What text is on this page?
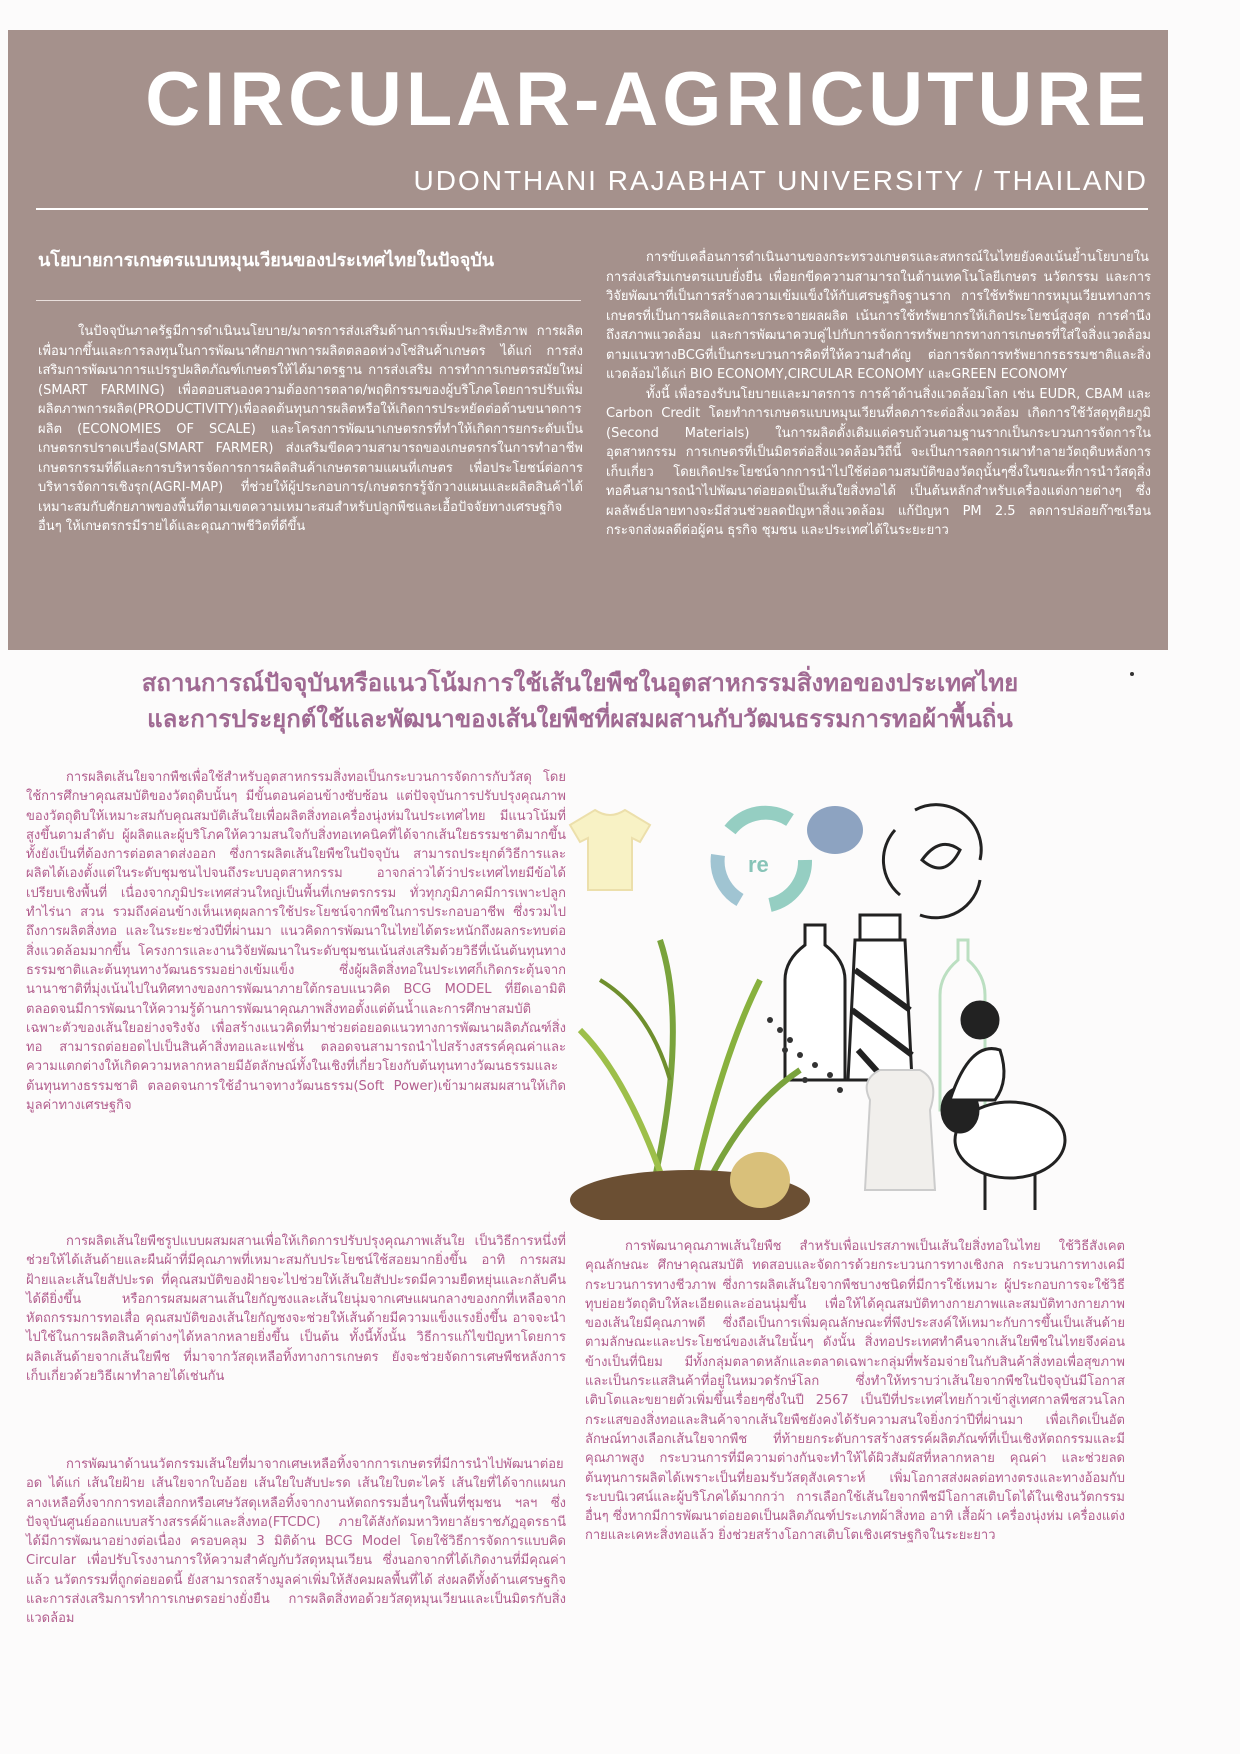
CIRCULAR-AGRICUTURE
UDONTHANI RAJABHAT UNIVERSITY / THAILAND
นโยบายการเกษตรแบบหมุนเวียนของประเทศไทยในปัจจุบัน

ในปัจจุบันภาครัฐมีการดำเนินนโยบาย/มาตรการส่งเสริมด้านการเพิ่มประสิทธิภาพ การผลิตเพื่อมากขึ้นและการลงทุนในการพัฒนาศักยภาพการผลิตตลอดห่วงโซ่สินค้าเกษตร ได้แก่ การส่งเสริมการพัฒนาการแปรรูปผลิตภัณฑ์เกษตรให้ได้มาตรฐาน การส่งเสริม การทำการเกษตรสมัยใหม่ (SMART FARMING) เพื่อตอบสนองความต้องการตลาด/พฤติกรรมของผู้บริโภคโดยการปรับเพิ่มผลิตภาพการผลิต(PRODUCTIVITY)เพื่อลดต้นทุนการผลิตหรือให้เกิดการประหยัดต่อด้านขนาดการผลิต (ECONOMIES OF SCALE) และโครงการพัฒนาเกษตรกรที่ทำให้เกิดการยกระดับเป็นเกษตรกรปราดเปรื่อง(SMART FARMER) ส่งเสริมขีดความสามารถของเกษตรกรในการทำอาชีพเกษตรกรรมที่ดีและการบริหารจัดการการผลิตสินค้าเกษตรตามแผนที่เกษตร เพื่อประโยชน์ต่อการบริหารจัดการเชิงรุก(AGRI-MAP) ที่ช่วยให้ผู้ประกอบการ/เกษตรกรรู้จักวางแผนและผลิตสินค้าได้เหมาะสมกับศักยภาพของพื้นที่ตามเขตความเหมาะสมสำหรับปลูกพืชและเอื้อปัจจัยทางเศรษฐกิจอื่นๆ ให้เกษตรกรมีรายได้และคุณภาพชีวิตที่ดีขึ้น

การขับเคลื่อนการดำเนินงานของกระทรวงเกษตรและสหกรณ์ในไทยยังคงเน้นย้ำนโยบายในการส่งเสริมเกษตรแบบยั่งยืน เพื่อยกขีดความสามารถในด้านเทคโนโลยีเกษตร นวัตกรรม และการวิจัยพัฒนาที่เป็นการสร้างความเข้มแข็งให้กับเศรษฐกิจฐานราก การใช้ทรัพยากรหมุนเวียนทางการเกษตรที่เป็นการผลิตและการกระจายผลผลิต เน้นการใช้ทรัพยากรให้เกิดประโยชน์สูงสุด การคำนึงถึงสภาพแวดล้อม และการพัฒนาควบคู่ไปกับการจัดการทรัพยากรทางการเกษตรที่ใส่ใจสิ่งแวดล้อมตามแนวทางBCGที่เป็นกระบวนการคิดที่ให้ความสำคัญ ต่อการจัดการทรัพยากรธรรมชาติและสิ่งแวดล้อมได้แก่ BIO ECONOMY,CIRCULAR ECONOMY และGREEN ECONOMY

ทั้งนี้ เพื่อรองรับนโยบายและมาตรการ การค้าด้านสิ่งแวดล้อมโลก เช่น EUDR, CBAM และ Carbon Credit โดยทำการเกษตรแบบหมุนเวียนที่ลดภาระต่อสิ่งแวดล้อม เกิดการใช้วัสดุทุติยภูมิ (Second Materials) ในการผลิตดั้งเดิมแต่ครบถ้วนตามฐานรากเป็นกระบวนการจัดการในอุตสาหกรรม การเกษตรที่เป็นมิตรต่อสิ่งแวดล้อมวิถีนี้ จะเป็นการลดการเผาทำลายวัตถุดิบหลังการเก็บเกี่ยว โดยเกิดประโยชน์จากการนำไปใช้ต่อตามสมบัติของวัตถุนั้นๆซึ่งในขณะที่การนำวัสดุสิ่งทอคืนสามารถนำไปพัฒนาต่อยอดเป็นเส้นใยสิ่งทอได้ เป็นต้นหลักสำหรับเครื่องแต่งกายต่างๆ ซึ่งผลลัพธ์ปลายทางจะมีส่วนช่วยลดปัญหาสิ่งแวดล้อม แก้ปัญหา PM 2.5 ลดการปล่อยก๊าซเรือนกระจกส่งผลดีต่อผู้คน ธุรกิจ ชุมชน และประเทศได้ในระยะยาว

สถานการณ์ปัจจุบันหรือแนวโน้มการใช้เส้นใยพืชในอุตสาหกรรมสิ่งทอของประเทศไทย
และการประยุกต์ใช้และพัฒนาของเส้นใยพืชที่ผสมผสานกับวัฒนธรรมการทอผ้าพื้นถิ่น

การผลิตเส้นใยจากพืชเพื่อใช้สำหรับอุตสาหกรรมสิ่งทอเป็นกระบวนการจัดการกับวัสดุ โดยใช้การศึกษาคุณสมบัติของวัตถุดิบนั้นๆ มีขั้นตอนค่อนข้างซับซ้อน แต่ปัจจุบันการปรับปรุงคุณภาพของวัตถุดิบให้เหมาะสมกับคุณสมบัติเส้นใยเพื่อผลิตสิ่งทอเครื่องนุ่งห่มในประเทศไทย มีแนวโน้มที่สูงขึ้นตามลำดับ ผู้ผลิตและผู้บริโภคให้ความสนใจกับสิ่งทอเทคนิคที่ได้จากเส้นใยธรรมชาติมากขึ้น ทั้งยังเป็นที่ต้องการต่อตลาดส่งออก ซึ่งการผลิตเส้นใยพืชในปัจจุบัน สามารถประยุกต์วิธีการและผลิตได้เองตั้งแต่ในระดับชุมชนไปจนถึงระบบอุตสาหกรรม อาจกล่าวได้ว่าประเทศไทยมีข้อได้เปรียบเชิงพื้นที่ เนื่องจากภูมิประเทศส่วนใหญ่เป็นพื้นที่เกษตรกรรม ทั่วทุกภูมิภาคมีการเพาะปลูก ทำไร่นา สวน รวมถึงค่อนข้างเห็นเหตุผลการใช้ประโยชน์จากพืชในการประกอบอาชีพ ซึ่งรวมไปถึงการผลิตสิ่งทอ และในระยะช่วงปีที่ผ่านมา แนวคิดการพัฒนาในไทยได้ตระหนักถึงผลกระทบต่อสิ่งแวดล้อมมากขึ้น โครงการและงานวิจัยพัฒนาในระดับชุมชนเน้นส่งเสริมด้วยวิธีที่เน้นต้นทุนทางธรรมชาติและต้นทุนทางวัฒนธรรมอย่างเข้มแข็ง ซึ่งผู้ผลิตสิ่งทอในประเทศก็เกิดกระตุ้นจากนานาชาติที่มุ่งเน้นไปในทิศทางของการพัฒนาภายใต้กรอบแนวคิด BCG MODEL ที่ยึดเอามิติตลอดจนมีการพัฒนาให้ความรู้ด้านการพัฒนาคุณภาพสิ่งทอตั้งแต่ต้นน้ำและการศึกษาสมบัติเฉพาะตัวของเส้นใยอย่างจริงจัง เพื่อสร้างแนวคิดที่มาช่วยต่อยอดแนวทางการพัฒนาผลิตภัณฑ์สิ่งทอ สามารถต่อยอดไปเป็นสินค้าสิ่งทอและแฟชั่น ตลอดจนสามารถนำไปสร้างสรรค์คุณค่าและความแตกต่างให้เกิดความหลากหลายมีอัตลักษณ์ทั้งในเชิงที่เกี่ยวโยงกับต้นทุนทางวัฒนธรรมและต้นทุนทางธรรมชาติ ตลอดจนการใช้อำนาจทางวัฒนธรรม(Soft Power)เข้ามาผสมผสานให้เกิดมูลค่าทางเศรษฐกิจ

re

การผลิตเส้นใยพืชรูปแบบผสมผสานเพื่อให้เกิดการปรับปรุงคุณภาพเส้นใย เป็นวิธีการหนึ่งที่ช่วยให้ได้เส้นด้ายและผืนผ้าที่มีคุณภาพที่เหมาะสมกับประโยชน์ใช้สอยมากยิ่งขึ้น อาทิ การผสมฝ้ายและเส้นใยสัปปะรด ที่คุณสมบัติของฝ้ายจะไปช่วยให้เส้นใยสัปปะรดมีความยืดหยุ่นและกลับคืนได้ดียิ่งขึ้น หรือการผสมผสานเส้นใยกัญชงและเส้นใยนุ่มจากเศษแผนกลางของกกที่เหลือจากหัตถกรรมการทอเสื่อ คุณสมบัติของเส้นใยกัญชงจะช่วยให้เส้นด้ายมีความแข็งแรงยิ่งขึ้น อาจจะนำไปใช้ในการผลิตสินค้าต่างๆได้หลากหลายยิ่งขึ้น เป็นต้น ทั้งนี้ทั้งนั้น วิธีการแก้ไขปัญหาโดยการผลิตเส้นด้ายจากเส้นใยพืช ที่มาจากวัสดุเหลือทิ้งทางการเกษตร ยังจะช่วยจัดการเศษพืชหลังการเก็บเกี่ยวด้วยวิธีเผาทำลายได้เช่นกัน

การพัฒนาด้านนวัตกรรมเส้นใยที่มาจากเศษเหลือทิ้งจากการเกษตรที่มีการนำไปพัฒนาต่อยอด ได้แก่ เส้นใยฝ้าย เส้นใยจากใบอ้อย เส้นใยใบสับปะรด เส้นใยใบตะไคร้ เส้นใยที่ได้จากแผนกลางเหลือทิ้งจากการทอเสื่อกกหรือเศษวัสดุเหลือทิ้งจากงานหัตถกรรมอื่นๆในพื้นที่ชุมชน ฯลฯ ซึ่งปัจจุบันศูนย์ออกแบบสร้างสรรค์ผ้าและสิ่งทอ(FTCDC) ภายใต้สังกัดมหาวิทยาลัยราชภัฏอุดรธานี ได้มีการพัฒนาอย่างต่อเนื่อง ครอบคลุม 3 มิติด้าน BCG Model โดยใช้วิธีการจัดการแบบคิด Circular เพื่อปรับโรงงานการให้ความสำคัญกับวัสดุหมุนเวียน ซึ่งนอกจากที่ได้เกิดงานที่มีคุณค่าแล้ว นวัตกรรมที่ถูกต่อยอดนี้ ยังสามารถสร้างมูลค่าเพิ่มให้สังคมผลพื้นที่ได้ ส่งผลดีทั้งด้านเศรษฐกิจ และการส่งเสริมการทำการเกษตรอย่างยั่งยืน การผลิตสิ่งทอด้วยวัสดุหมุนเวียนและเป็นมิตรกับสิ่งแวดล้อม

การพัฒนาคุณภาพเส้นใยพืช สำหรับเพื่อแปรสภาพเป็นเส้นใยสิ่งทอในไทย ใช้วิธีสังเคต คุณลักษณะ ศึกษาคุณสมบัติ ทดสอบและจัดการด้วยกระบวนการทางเชิงกล กระบวนการทางเคมี กระบวนการทางชีวภาพ ซึ่งการผลิตเส้นใยจากพืชบางชนิดที่มีการใช้เหมาะ ผู้ประกอบการจะใช้วิธีทุบย่อยวัตถุดิบให้ละเอียดและอ่อนนุ่มขึ้น เพื่อให้ได้คุณสมบัติทางกายภาพและสมบัติทางกายภาพของเส้นใยมีคุณภาพดี ซึ่งถือเป็นการเพิ่มคุณลักษณะที่พึงประสงค์ให้เหมาะกับการขึ้นเป็นเส้นด้ายตามลักษณะและประโยชน์ของเส้นใยนั้นๆ ดังนั้น สิ่งทอประเทศทำคืนจากเส้นใยพืชในไทยจึงค่อนข้างเป็นที่นิยม มีทั้งกลุ่มตลาดหลักและตลาดเฉพาะกลุ่มที่พร้อมจ่ายในกับสินค้าสิ่งทอเพื่อสุขภาพและเป็นกระแสสินค้าที่อยู่ในหมวดรักษ์โลก ซึ่งทำให้ทราบว่าเส้นใยจากพืชในปัจจุบันมีโอกาสเติบโตและขยายตัวเพิ่มขึ้นเรื่อยๆซึ่งในปี 2567 เป็นปีที่ประเทศไทยก้าวเข้าสู่เทศกาลพืชสวนโลก กระแสของสิ่งทอและสินค้าจากเส้นใยพืชยังคงได้รับความสนใจยิ่งกว่าปีที่ผ่านมา เพื่อเกิดเป็นอัตลักษณ์ทางเลือกเส้นใยจากพืช ที่ท้ายยกระดับการสร้างสรรค์ผลิตภัณฑ์ที่เป็นเชิงหัตถกรรมและมีคุณภาพสูง กระบวนการที่มีความต่างกันจะทำให้ได้ผิวสัมผัสที่หลากหลาย คุณค่า และช่วยลดต้นทุนการผลิตได้เพราะเป็นที่ยอมรับวัสดุสังเคราะห์ เพิ่มโอกาสส่งผลต่อทางตรงและทางอ้อมกับระบบนิเวศน์และผู้บริโภคได้มากกว่า การเลือกใช้เส้นใยจากพืชมีโอกาสเติบโตได้ในเชิงนวัตกรรมอื่นๆ ซึ่งหากมีการพัฒนาต่อยอดเป็นผลิตภัณฑ์ประเภทผ้าสิ่งทอ อาทิ เสื้อผ้า เครื่องนุ่งห่ม เครื่องแต่งกายและเคหะสิ่งทอแล้ว ยิ่งช่วยสร้างโอกาสเติบโตเชิงเศรษฐกิจในระยะยาว
